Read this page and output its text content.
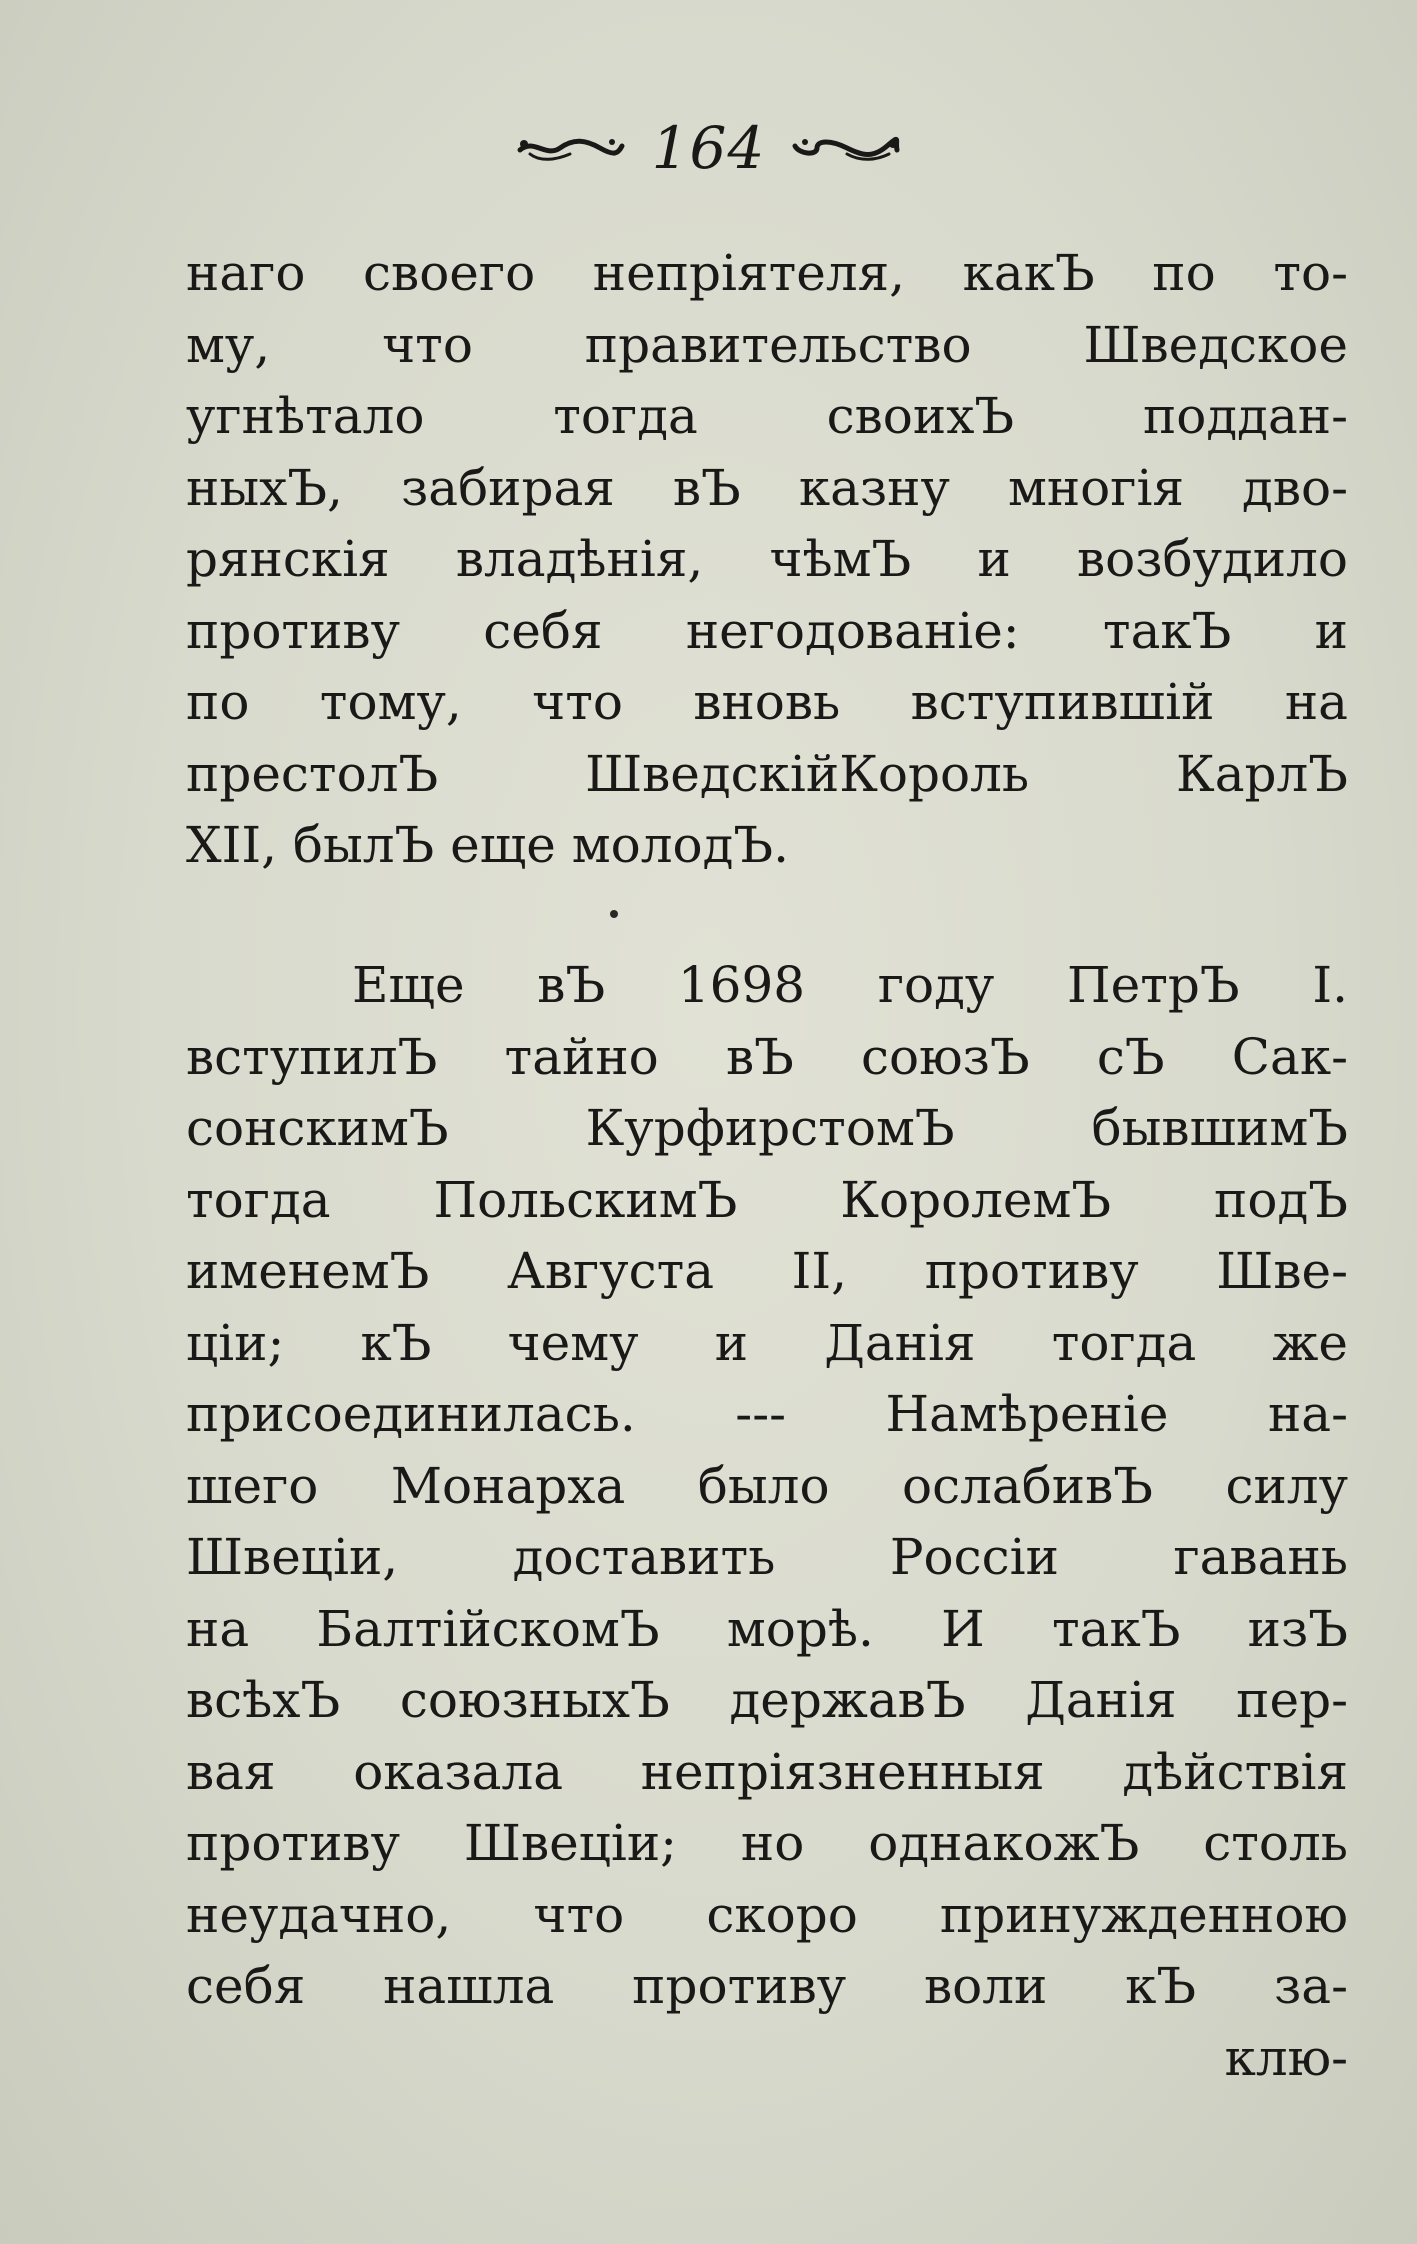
164
наго своего непріятеля, какЪ по то-
му, что правительство Шведское
угнѣтало тогда своихЪ поддан-
ныхЪ, забирая вЪ казну многія дво-
рянскія владѣнія, чѣмЪ и возбудило
противу себя негодованіе: такЪ и
по тому, что вновь вступившій на
престолЪ ШведскійКороль КарлЪ
XII, былЪ еще молодЪ.
Еще вЪ 1698 году ПетрЪ I.
вступилЪ тайно вЪ союзЪ сЪ Сак-
сонскимЪ КурфирстомЪ бывшимЪ
тогда ПольскимЪ КоролемЪ подЪ
именемЪ Августа II, противу Шве-
ціи; кЪ чему и Данія тогда же
присоединилась. --- Намѣреніе на-
шего Монарха было ослабивЪ силу
Швеціи, доставить Россіи гавань
на БалтійскомЪ морѣ. И такЪ изЪ
всѣхЪ союзныхЪ державЪ Данія пер-
вая оказала непріязненныя дѣйствія
противу Швеціи; но однакожЪ столь
неудачно, что скоро принужденною
себя нашла противу воли кЪ за-
клю-
